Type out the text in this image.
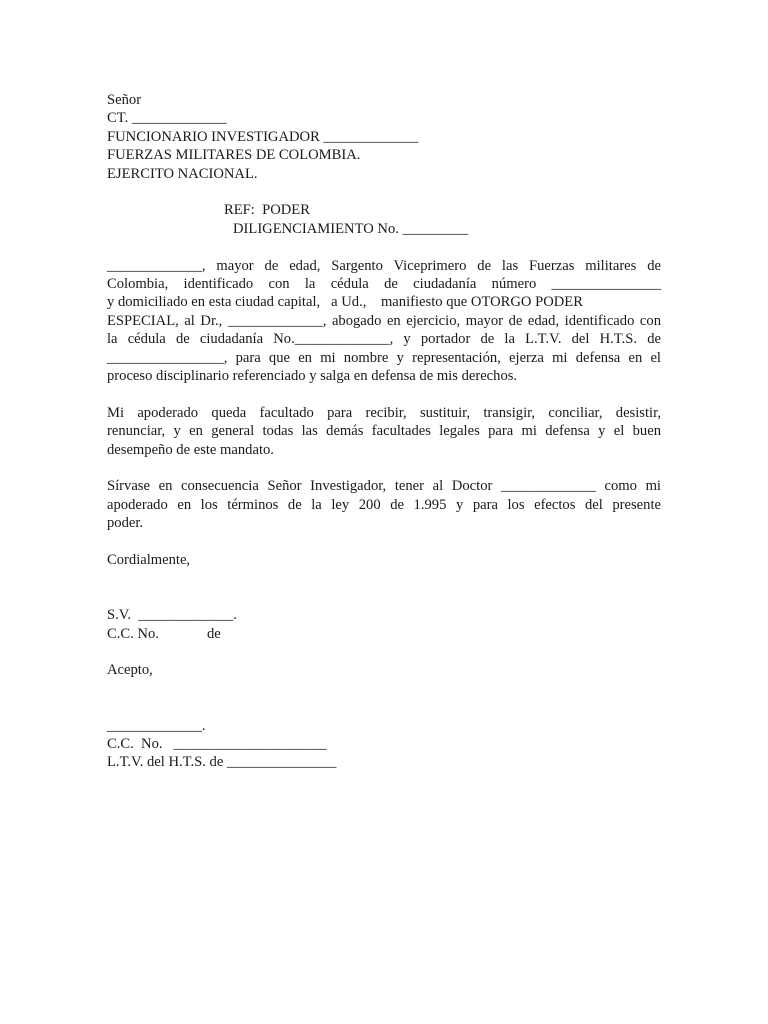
Señor
CT. _____________
FUNCIONARIO INVESTIGADOR _____________
FUERZAS MILITARES DE COLOMBIA.
EJERCITO NACIONAL.
REF:  PODER
DILIGENCIAMIENTO No. _________
_____________, mayor de edad, Sargento Viceprimero de las Fuerzas militares de
Colombia, identificado con la cédula de ciudadanía número _______________
y domiciliado en esta ciudad capital,   a Ud.,    manifiesto que OTORGO PODER
ESPECIAL, al Dr., _____________, abogado en ejercicio, mayor de edad, identificado con
la cédula de ciudadanía No._____________, y portador de la L.T.V. del H.T.S. de
________________, para que en mi nombre y representación, ejerza mi defensa en el
proceso disciplinario referenciado y salga en defensa de mis derechos.
Mi apoderado queda facultado para recibir, sustituir, transigir, conciliar, desistir,
renunciar, y en general todas las demás facultades legales para mi defensa y el buen
desempeño de este mandato.
Sírvase en consecuencia Señor Investigador, tener al Doctor _____________ como mi
apoderado en los términos de la ley 200 de 1.995 y para los efectos del presente
poder.
Cordialmente,
S.V.  _____________.
C.C. No.	de
Acepto,
_____________.
C.C.  No.   _____________________
L.T.V. del H.T.S. de _______________
